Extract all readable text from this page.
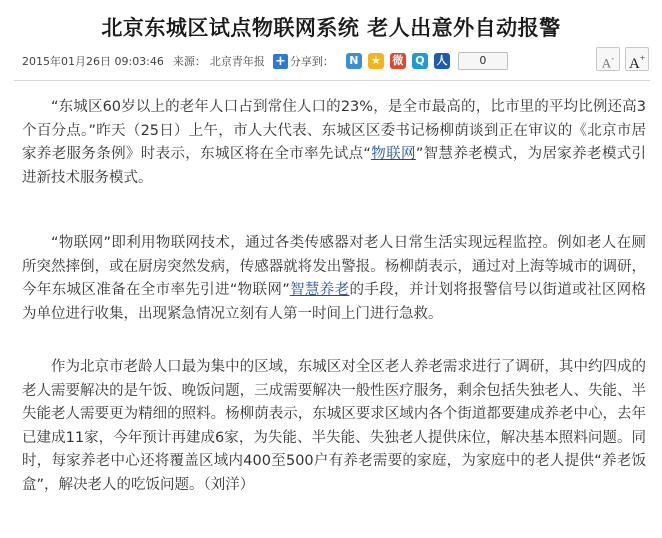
北京东城区试点物联网系统 老人出意外自动报警
2015年01月26日 09:03:46 来源： 北京青年报 + 分享到：	N	★ 微	Q	人	0	A- A+

“东城区60岁以上的老年人口占到常住人口的23%，是全市最高的，比市里的平均比例还高3个百分点。”昨天（25日）上午，市人大代表、东城区区委书记杨柳荫谈到正在审议的《北京市居家养老服务条例》时表示，东城区将在全市率先试点“物联网”智慧养老模式，为居家养老模式引进新技术服务模式。

“物联网”即利用物联网技术，通过各类传感器对老人日常生活实现远程监控。例如老人在厕所突然摔倒，或在厨房突然发病，传感器就将发出警报。杨柳荫表示，通过对上海等城市的调研，今年东城区准备在全市率先引进“物联网”智慧养老的手段，并计划将报警信号以街道或社区网格为单位进行收集，出现紧急情况立刻有人第一时间上门进行急救。

作为北京市老龄人口最为集中的区域，东城区对全区老人养老需求进行了调研，其中约四成的老人需要解决的是午饭、晚饭问题，三成需要解决一般性医疗服务，剩余包括失独老人、失能、半失能老人需要更为精细的照料。杨柳荫表示，东城区要求区域内各个街道都要建成养老中心，去年已建成11家，今年预计再建成6家，为失能、半失能、失独老人提供床位，解决基本照料问题。同时，每家养老中心还将覆盖区域内400至500户有养老需要的家庭，为家庭中的老人提供“养老饭盒”，解决老人的吃饭问题。（刘洋）
